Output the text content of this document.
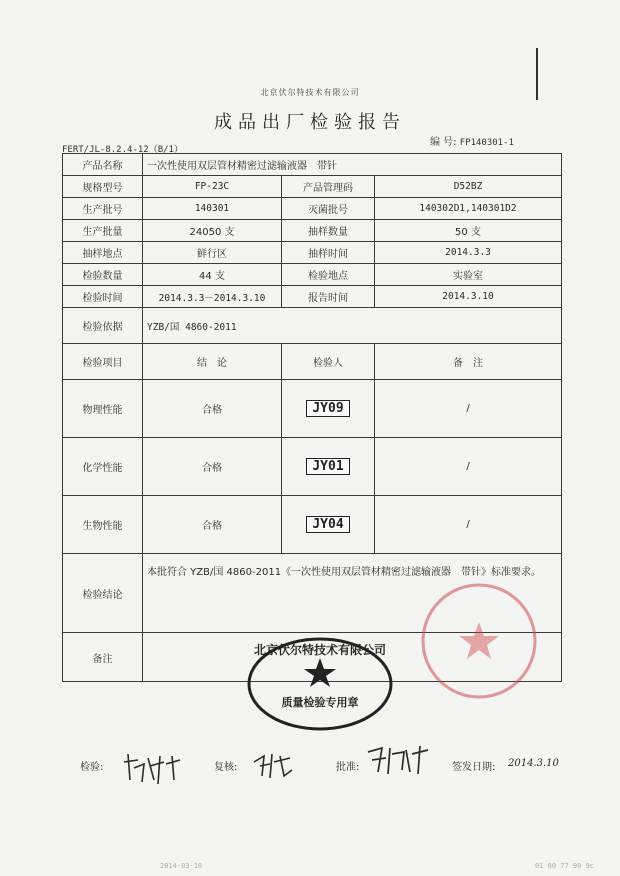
北京伏尔特技术有限公司
成品出厂检验报告
FERT/JL-8.2.4-12（B/1）
编 号: FP140301-1
产品名称	一次性使用双层管材精密过滤输液器　带针		
规格型号	FP-23C	产品管理码	D52BZ
生产批号	140301	灭菌批号	140302D1,140301D2
生产批量	24050 支	抽样数量	50 支
抽样地点	鲜行区	抽样时间	2014.3.3
检验数量	44 支	检验地点	实验室
检验时间	2014.3.3－2014.3.10	报告时间	2014.3.10
检验依据	YZB/国 4860-2011		
检验项目	结　论	检验人	备　注
物理性能	合格	JY09	/
化学性能	合格	JY01	/
生物性能	合格	JY04	/
检验结论	本批符合 YZB/国 4860-2011《一次性使用双层管材精密过滤输液器　带针》标准要求。		
备注			
北京伏尔特技术有限公司
质量检验专用章
检验:	复核:	批准:	签发日期: 2014.3.10
2014-03-10	01 60 77 90 9c
